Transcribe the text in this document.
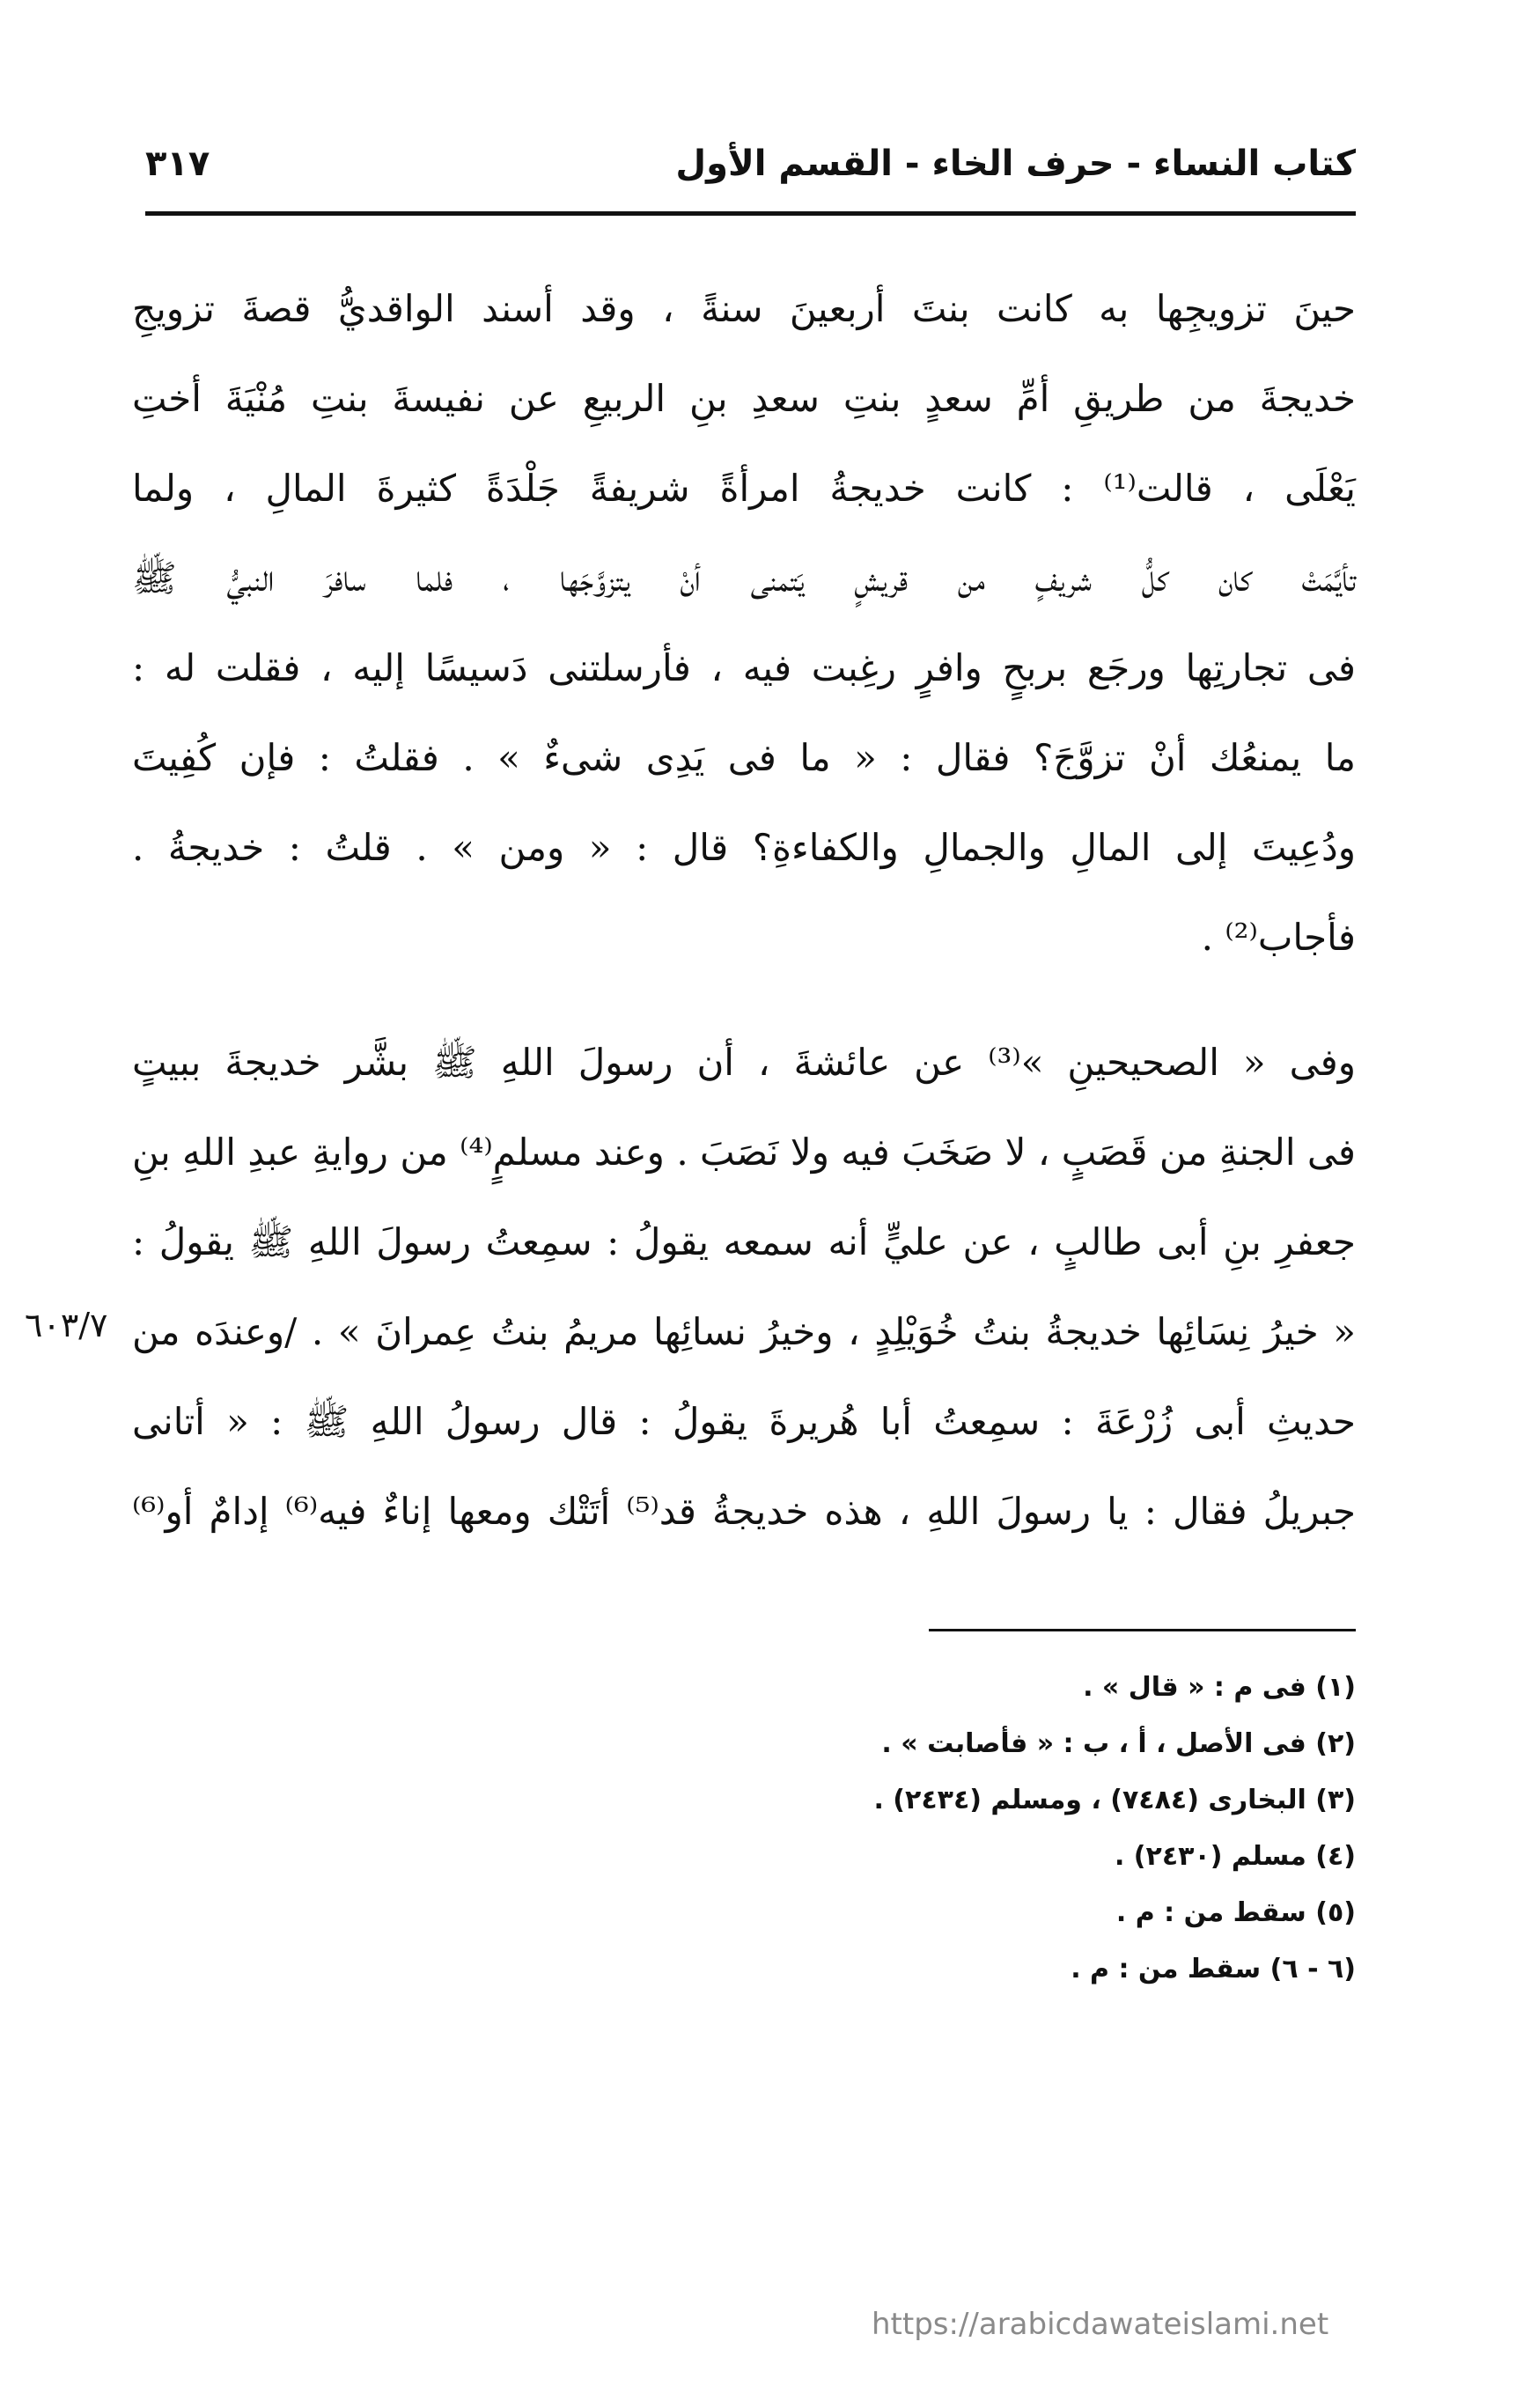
كتاب النساء - حرف الخاء - القسم الأول
٣١٧
حينَ تزويجِها به كانت بنتَ أربعينَ سنةً ، وقد أسند الواقديُّ قصةَ تزويجِ
خديجةَ من طريقِ أمِّ سعدٍ بنتِ سعدِ بنِ الربيعِ عن نفيسةَ بنتِ مُنْيَةَ أختِ
يَعْلَى ، قالت⁽¹⁾ : كانت خديجةُ امرأةً شريفةً جَلْدَةً كثيرةَ المالِ ، ولما
تأيَّمَتْ كان كلُّ شريفٍ من قريشٍ يَتمنى أنْ يتزوَّجَها ، فلما سافرَ النبيُّ ﷺ
فى تجارتِها ورجَع بربحٍ وافرٍ رغِبت فيه ، فأرسلتنى دَسيسًا إليه ، فقلت له :
ما يمنعُك أنْ تزوَّجَ؟ فقال : « ما فى يَدِى شىءٌ » . فقلتُ : فإن كُفِيتَ
ودُعِيتَ إلى المالِ والجمالِ والكفاءةِ؟ قال : « ومن » . قلتُ : خديجةُ .
فأجاب⁽²⁾ .
وفى « الصحيحينِ »⁽³⁾ عن عائشةَ ، أن رسولَ اللهِ ﷺ بشَّر خديجةَ ببيتٍ
فى الجنةِ من قَصَبٍ ، لا صَخَبَ فيه ولا نَصَبَ . وعند مسلمٍ⁽⁴⁾ من روايةِ عبدِ اللهِ بنِ
جعفرِ بنِ أبى طالبٍ ، عن عليٍّ أنه سمعه يقولُ : سمِعتُ رسولَ اللهِ ﷺ يقولُ :
« خيرُ نِسَائِها خديجةُ بنتُ خُوَيْلِدٍ ، وخيرُ نسائِها مريمُ بنتُ عِمرانَ » . /وعندَه من
حديثِ أبى زُرْعَةَ : سمِعتُ أبا هُريرةَ يقولُ : قال رسولُ اللهِ ﷺ : « أتانى
جبريلُ فقال : يا رسولَ اللهِ ، هذه خديجةُ قد⁽⁵⁾ أتَتْك ومعها إناءٌ فيه⁽⁶⁾ إدامٌ أو⁽⁶⁾
٦٠٣/٧
(١) فى م : « قال » .
(٢) فى الأصل ، أ ، ب : « فأصابت » .
(٣) البخارى (٧٤٨٤) ، ومسلم (٢٤٣٤) .
(٤) مسلم (٢٤٣٠) .
(٥) سقط من : م .
(٦ - ٦) سقط من : م .
https://arabicdawateislami.net
